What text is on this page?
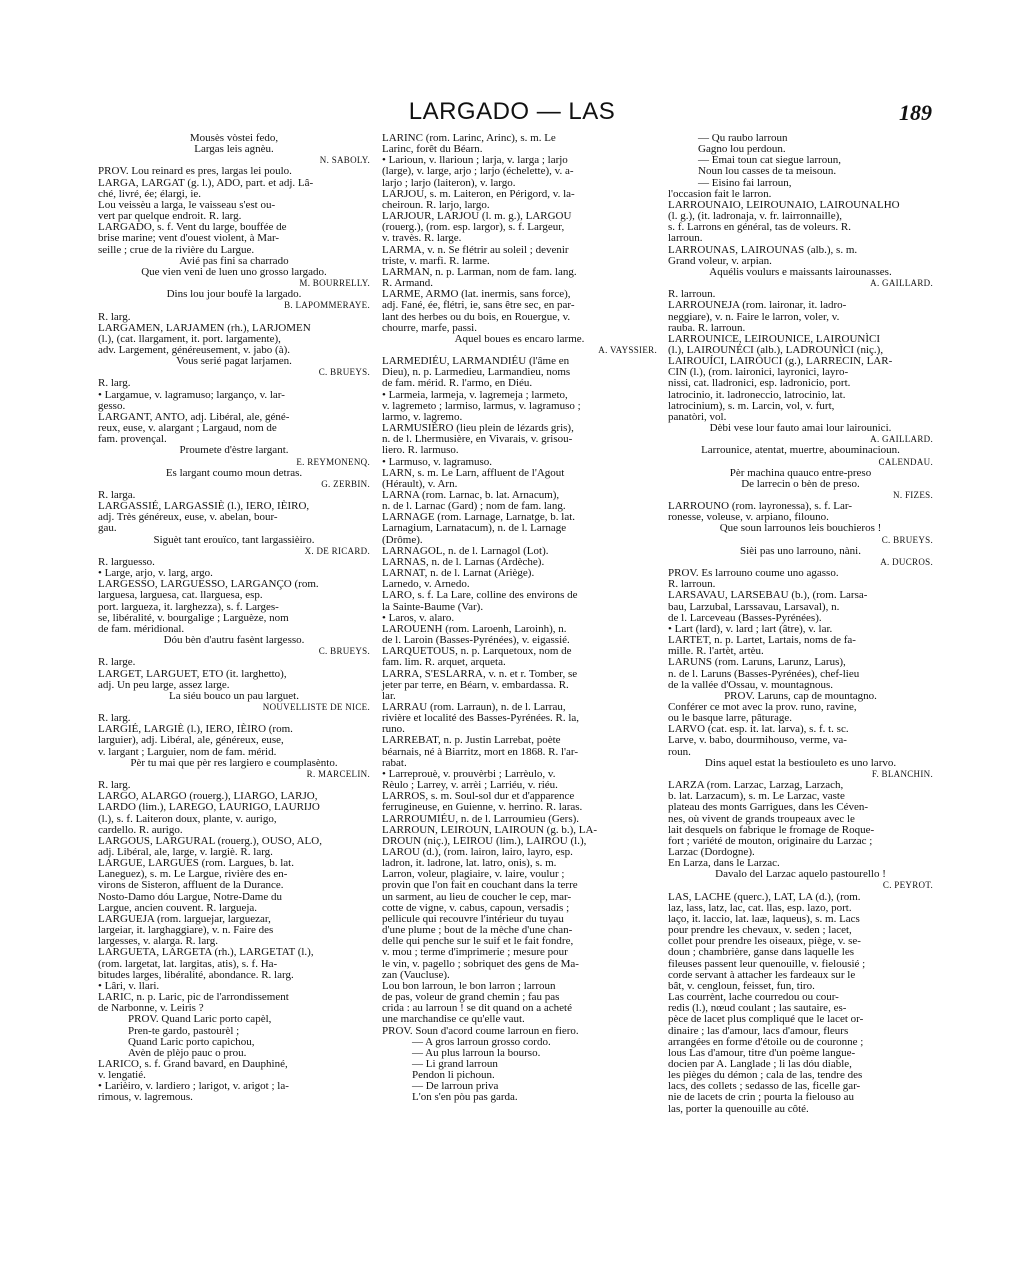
LARGADO — LAS	189

Mousès vòstei fedo,

Largas leis agnèu.

N. SABOLY.

PROV. Lou reinard es pres, largas lei poulo.

LARGA, LARGAT (g. l.), ADO, part. et adj. Lâ-

ché, livré, ée; élargi, ie.

Lou veissèu a larga, le vaisseau s'est ou-

vert par quelque endroit. R. larg.

LARGADO, s. f. Vent du large, bouffée de

brise marine; vent d'ouest violent, à Mar-

seille ; crue de la rivière du Largue.

Avié pas fini sa charrado

Que vien veni de luen uno grosso largado.

M. BOURRELLY.

Dins lou jour boufè la largado.

B. LAPOMMERAYE.

R. larg.

LARGAMEN, LARJAMEN (rh.), LARJOMEN

(l.), (cat. llargament, it. port. largamente),

adv. Largement, généreusement, v. jabo (à).

Vous serié pagat larjamen.

C. BRUEYS.

R. larg.

• Largamue, v. lagramuso; larganço, v. lar-

gesso.

LARGANT, ANTO, adj. Libéral, ale, géné-

reux, euse, v. alargant ; Largaud, nom de

fam. provençal.

Proumete d'èstre largant.

E. REYMONENQ.

Es largant coumo moun detras.

G. ZERBIN.

R. larga.

LARGASSIÉ, LARGASSIÈ (l.), IERO, IÈIRO,

adj. Très généreux, euse, v. abelan, bour-

gau.

Siguèt tant erouïco, tant largassièiro.

X. DE RICARD.

R. larguesso.

• Large, arjo, v. larg, argo.

LARGESSO, LARGUESSO, LARGANÇO (rom.

larguesa, larguesa, cat. llarguesa, esp.

port. largueza, it. larghezza), s. f. Larges-

se, libéralité, v. bourgalige ; Larguèze, nom

de fam. méridional.

Dóu bèn d'autru fasènt largesso.

C. BRUEYS.

R. large.

LARGET, LARGUET, ETO (it. larghetto),

adj. Un peu large, assez large.

La siéu bouco un pau larguet.

NOUVELLISTE DE NICE.

R. larg.

LARGIÉ, LARGIÈ (l.), IERO, IÈIRO (rom.

larguier), adj. Libéral, ale, généreux, euse,

v. largant ; Larguier, nom de fam. mérid.

Pèr tu mai que pèr res largiero e coumplasènto.

R. MARCELIN.

R. larg.

LARGO, ALARGO (rouerg.), LIARGO, LARJO,

LARDO (lim.), LAREGO, LAURIGO, LAURIJO

(l.), s. f. Laiteron doux, plante, v. aurigo,

cardello. R. aurigo.

LARGOUS, LARGURAL (rouerg.), OUSO, ALO,

adj. Libéral, ale, large, v. largiè. R. larg.

LARGUE, LARGUES (rom. Largues, b. lat.

Laneguez), s. m. Le Largue, rivière des en-

virons de Sisteron, affluent de la Durance.

Nosto-Damo dóu Largue, Notre-Dame du

Largue, ancien couvent. R. largueja.

LARGUEJA (rom. larguejar, larguezar,

largeiar, it. larghaggiare), v. n. Faire des

largesses, v. alarga. R. larg.

LARGUETA, LARGETA (rh.), LARGETAT (l.),

(rom. largetat, lat. largitas, atis), s. f. Ha-

bitudes larges, libéralité, abondance. R. larg.

• Lâri, v. llari.

LARIC, n. p. Laric, pic de l'arrondissement

de Narbonne, v. Leiris ?

PROV. Quand Laric porto capèl,

Pren-te gardo, pastourèl ;

Quand Laric porto capichou,

Avèn de plèjo pauc o prou.

LARICO, s. f. Grand bavard, en Dauphiné,

v. lengatié.

• Larièiro, v. lardiero ; larigot, v. arigot ; la-

rimous, v. lagremous.

LARINC (rom. Larinc, Arinc), s. m. Le

Larinc, forêt du Béarn.

• Larioun, v. llarioun ; larja, v. larga ; larjo

(large), v. large, arjo ; larjo (échelette), v. a-

larjo ; larjo (laiteron), v. largo.

LARJOU, s. m. Laiteron, en Périgord, v. la-

cheiroun. R. larjo, largo.

LARJOUR, LARJOU (l. m. g.), LARGOU

(rouerg.), (rom. esp. largor), s. f. Largeur,

v. travès. R. large.

LARMA, v. n. Se flétrir au soleil ; devenir

triste, v. marfi. R. larme.

LARMAN, n. p. Larman, nom de fam. lang.

R. Armand.

LARME, ARMO (lat. inermis, sans force),

adj. Fané, ée, flétri, ie, sans être sec, en par-

lant des herbes ou du bois, en Rouergue, v.

chourre, marfe, passi.

Aquel boues es encaro larme.

A. VAYSSIER.

LARMEDIÉU, LARMANDIÉU (l'âme en

Dieu), n. p. Larmedieu, Larmandieu, noms

de fam. mérid. R. l'armo, en Diéu.

• Larmeia, larmeja, v. lagremeja ; larmeto,

v. lagremeto ; larmiso, larmus, v. lagramuso ;

larmo, v. lagremo.

LARMUSIÈRO (lieu plein de lézards gris),

n. de l. Lhermusière, en Vivarais, v. grisou-

liero. R. larmuso.

• Larmuso, v. lagramuso.

LARN, s. m. Le Larn, affluent de l'Agout

(Hérault), v. Arn.

LARNA (rom. Larnac, b. lat. Arnacum),

n. de l. Larnac (Gard) ; nom de fam. lang.

LARNAGE (rom. Larnage, Larnatge, b. lat.

Larnagium, Larnatacum), n. de l. Larnage

(Drôme).

LARNAGOL, n. de l. Larnagol (Lot).

LARNAS, n. de l. Larnas (Ardèche).

LARNAT, n. de l. Larnat (Ariège).

Larnedo, v. Arnedo.

LARO, s. f. La Lare, colline des environs de

la Sainte-Baume (Var).

• Laros, v. alaro.

LAROUENH (rom. Laroenh, Laroinh), n.

de l. Laroin (Basses-Pyrénées), v. eigassié.

LARQUETOUS, n. p. Larquetoux, nom de

fam. lim. R. arquet, arqueta.

LARRA, S'ESLARRA, v. n. et r. Tomber, se

jeter par terre, en Béarn, v. embardassa. R.

lar.

LARRAU (rom. Larraun), n. de l. Larrau,

rivière et localité des Basses-Pyrénées. R. la,

runo.

LARREBAT, n. p. Justin Larrebat, poète

béarnais, né à Biarritz, mort en 1868. R. l'ar-

rabat.

• Larreprouè, v. prouvèrbi ; Larrèulo, v.

Rèulo ; Larrey, v. arrèi ; Larriéu, v. riéu.

LARROS, s. m. Soul-sol dur et d'apparence

ferrugineuse, en Guienne, v. herrino. R. laras.

LARROUMIÉU, n. de l. Larroumieu (Gers).

LARROUN, LEIROUN, LAIROUN (g. b.), LA-

DROUN (niç.), LEIROU (lim.), LAIROU (l.),

LAROU (d.), (rom. lairon, lairo, layro, esp.

ladron, it. ladrone, lat. latro, onis), s. m.

Larron, voleur, plagiaire, v. laire, voulur ;

provin que l'on fait en couchant dans la terre

un sarment, au lieu de coucher le cep, mar-

cotte de vigne, v. cabus, capoun, versadis ;

pellicule qui recouvre l'intérieur du tuyau

d'une plume ; bout de la mèche d'une chan-

delle qui penche sur le suif et le fait fondre,

v. mou ; terme d'imprimerie ; mesure pour

le vin, v. pagello ; sobriquet des gens de Ma-

zan (Vaucluse).

Lou bon larroun, le bon larron ; larroun

de pas, voleur de grand chemin ; fau pas

crida : au larroun ! se dit quand on a acheté

une marchandise ce qu'elle vaut.

PROV. Soun d'acord coume larroun en fiero.

— A gros larroun grosso cordo.

— Au plus larroun la bourso.

— Li grand larroun

Pendon li pichoun.

— De larroun priva

L'on s'en pòu pas garda.

— Qu raubo larroun

Gagno lou perdoun.

— Emai toun cat siegue larroun,

Noun lou casses de ta meisoun.

— Eisino fai larroun,

l'occasion fait le larron.

LARROUNAIO, LEIROUNAIO, LAIROUNALHO

(l. g.), (it. ladronaja, v. fr. lairronnaille),

s. f. Larrons en général, tas de voleurs. R.

larroun.

LARROUNAS, LAIROUNAS (alb.), s. m.

Grand voleur, v. arpian.

Aquélis voulurs e maissants lairounasses.

A. GAILLARD.

R. larroun.

LARROUNEJA (rom. laironar, it. ladro-

neggiare), v. n. Faire le larron, voler, v.

rauba. R. larroun.

LARROUNICE, LEIROUNICE, LAIROUNÌCI

(l.), LAIROUNÉCI (alb.), LADROUNÌCI (niç.),

LAIROUÍCI, LAIRÓUCI (g.), LARRECIN, LAR-

CIN (l.), (rom. laironici, layronici, layro-

nissi, cat. lladronici, esp. ladronicio, port.

latrocinio, it. ladroneccio, latrocinio, lat.

latrocinium), s. m. Larcin, vol, v. furt,

panatòri, vol.

Dèbi vese lour fauto amai lour lairounici.

A. GAILLARD.

Larrounice, atentat, muertre, abouminacioun.

CALENDAU.

Pèr machina quauco entre-preso

De larrecin o bèn de preso.

N. FIZES.

LARROUNO (rom. layronessa), s. f. Lar-

ronesse, voleuse, v. arpiano, filouno.

Que soun larrounos leis bouchieros !

C. BRUEYS.

Sièi pas uno larrouno, nàni.

A. DUCROS.

PROV. Es larrouno coume uno agasso.

R. larroun.

LARSAVAU, LARSEBAU (b.), (rom. Larsa-

bau, Larzubal, Larssavau, Larsaval), n.

de l. Larceveau (Basses-Pyrénées).

• Lart (lard), v. lard ; lart (âtre), v. lar.

LARTET, n. p. Lartet, Lartais, noms de fa-

mille. R. l'artèt, artèu.

LARUNS (rom. Laruns, Larunz, Larus),

n. de l. Laruns (Basses-Pyrénées), chef-lieu

de la vallée d'Ossau, v. mountagnous.

PROV. Laruns, cap de mountagno.

Conférer ce mot avec la prov. runo, ravine,

ou le basque larre, pâturage.

LARVO (cat. esp. it. lat. larva), s. f. t. sc.

Larve, v. babo, dourmihouso, verme, va-

roun.

Dins aquel estat la bestiouleto es uno larvo.

F. BLANCHIN.

LARZA (rom. Larzac, Larzag, Larzach,

b. lat. Larzacum), s. m. Le Larzac, vaste

plateau des monts Garrigues, dans les Céven-

nes, où vivent de grands troupeaux avec le

lait desquels on fabrique le fromage de Roque-

fort ; variété de mouton, originaire du Larzac ;

Larzac (Dordogne).

En Larza, dans le Larzac.

Davalo del Larzac aquelo pastourello !

C. PEYROT.

LAS, LACHE (querc.), LAT, LA (d.), (rom.

laz, lass, latz, lac, cat. llas, esp. lazo, port.

laço, it. laccio, lat. laæ, laqueus), s. m. Lacs

pour prendre les chevaux, v. seden ; lacet,

collet pour prendre les oiseaux, piège, v. se-

doun ; chambrière, ganse dans laquelle les

fileuses passent leur quenouille, v. fielousié ;

corde servant à attacher les fardeaux sur le

bât, v. cengloun, feisset, fun, tiro.

Las courrènt, lache courredou ou cour-

redis (l.), nœud coulant ; las sautaire, es-

pèce de lacet plus compliqué que le lacet or-

dinaire ; las d'amour, lacs d'amour, fleurs

arrangées en forme d'étoile ou de couronne ;

lous Las d'amour, titre d'un poème langue-

docien par A. Langlade ; li las dóu diable,

les pièges du démon ; cala de las, tendre des

lacs, des collets ; sedasso de las, ficelle gar-

nie de lacets de crin ; pourta la fielouso au

las, porter la quenouille au côté.
